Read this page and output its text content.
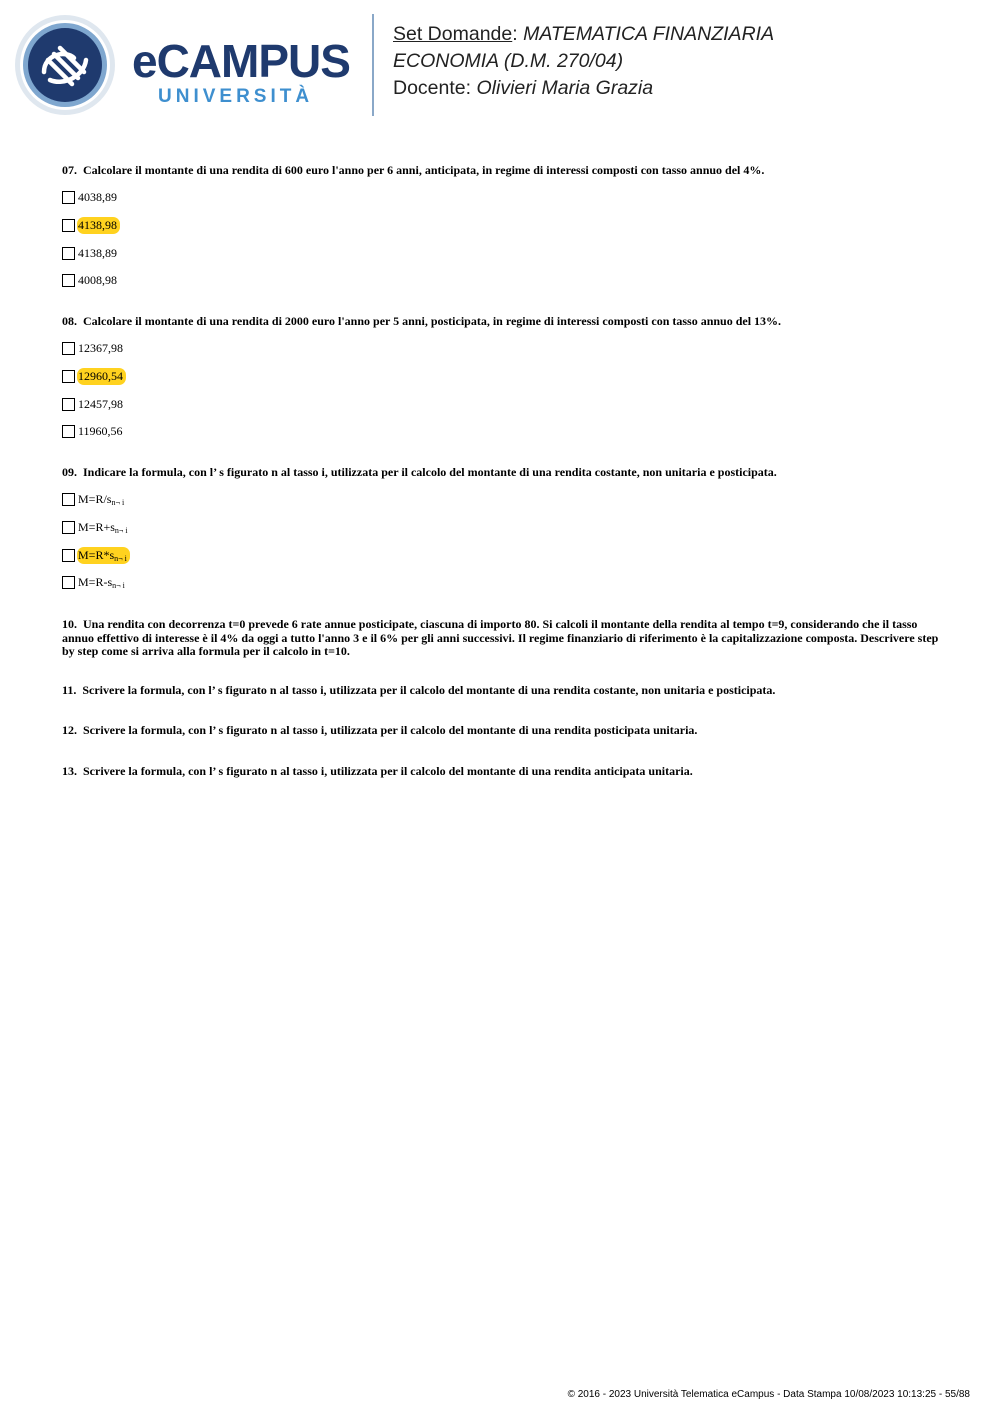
eCAMPUS
UNIVERSITÀ
Set Domande: MATEMATICA FINANZIARIA
ECONOMIA (D.M. 270/04)
Docente: Olivieri Maria Grazia
07. Calcolare il montante di una rendita di 600 euro l'anno per 6 anni, anticipata, in regime di interessi composti con tasso annuo del 4%.
4038,89
4138,98
4138,89
4008,98
08. Calcolare il montante di una rendita di 2000 euro l'anno per 5 anni, posticipata, in regime di interessi composti con tasso annuo del 13%.
12367,98
12960,54
12457,98
11960,56
09. Indicare la formula, con l’ s figurato n al tasso i, utilizzata per il calcolo del montante di una rendita costante, non unitaria e posticipata.
$M=R/s_{n\neg i}$
$M=R+s_{n\neg i}$
$M=R*s_{n\neg i}$
$M=R-s_{n\neg i}$
10. Una rendita con decorrenza t=0 prevede 6 rate annue posticipate, ciascuna di importo 80. Si calcoli il montante della rendita al tempo t=9, considerando che il tasso annuo effettivo di interesse è il 4% da oggi a tutto l'anno 3 e il 6% per gli anni successivi. Il regime finanziario di riferimento è la capitalizzazione composta. Descrivere step by step come si arriva alla formula per il calcolo in t=10.
11. Scrivere la formula, con l’ s figurato n al tasso i, utilizzata per il calcolo del montante di una rendita costante, non unitaria e posticipata.
12. Scrivere la formula, con l’ s figurato n al tasso i, utilizzata per il calcolo del montante di una rendita posticipata unitaria.
13. Scrivere la formula, con l’ s figurato n al tasso i, utilizzata per il calcolo del montante di una rendita anticipata unitaria.
© 2016 - 2023 Università Telematica eCampus - Data Stampa 10/08/2023 10:13:25 - 55/88
